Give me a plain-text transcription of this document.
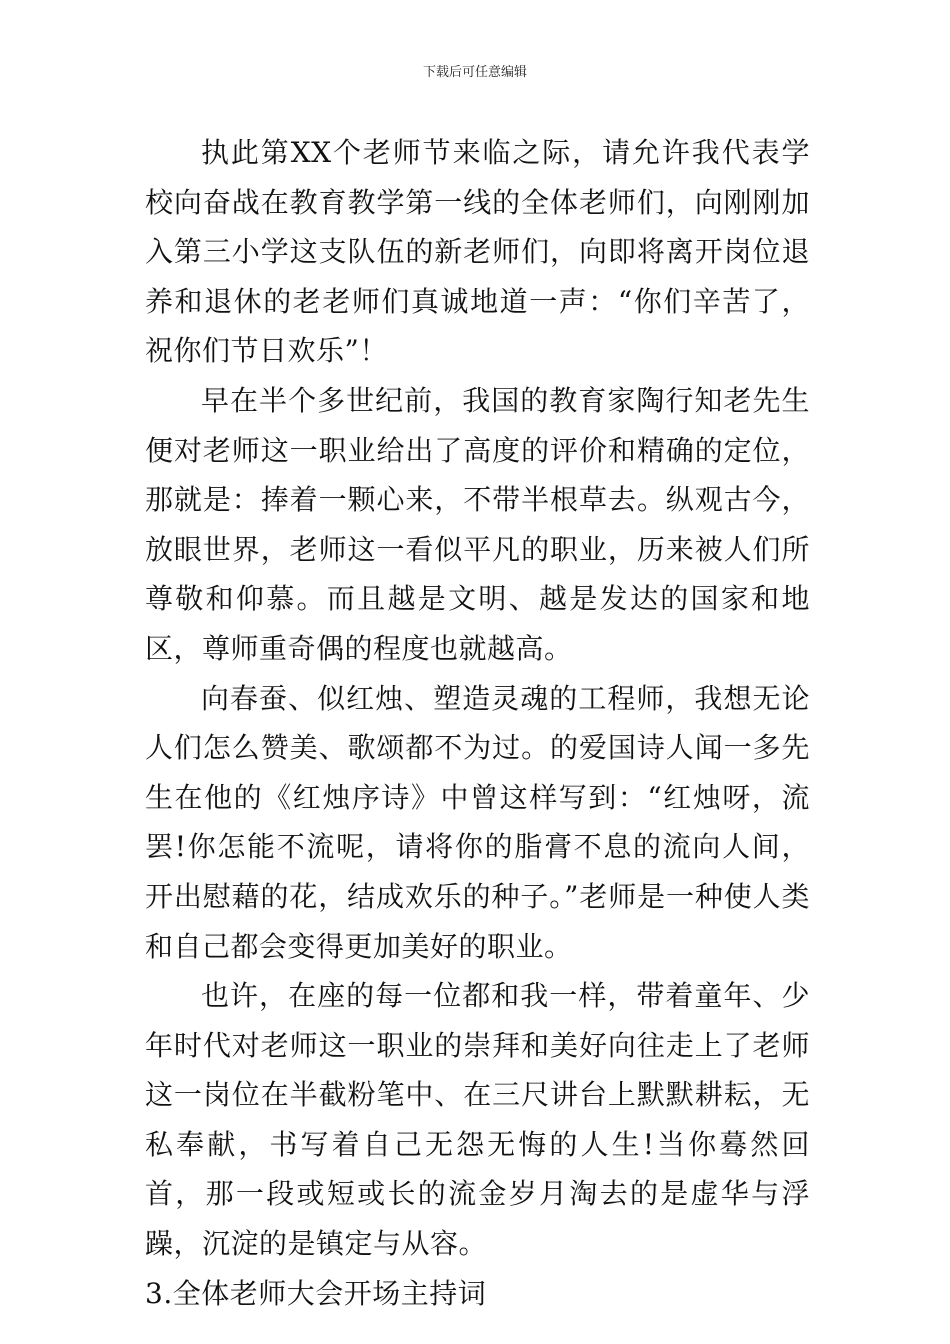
下载后可任意编辑

执此第XX个老师节来临之际，请允许我代表学校向奋战在教育教学第一线的全体老师们，向刚刚加入第三小学这支队伍的新老师们，向即将离开岗位退养和退休的老老师们真诚地道一声：“你们辛苦了，祝你们节日欢乐”！

早在半个多世纪前，我国的教育家陶行知老先生便对老师这一职业给出了高度的评价和精确的定位，那就是：捧着一颗心来，不带半根草去。纵观古今，放眼世界，老师这一看似平凡的职业，历来被人们所尊敬和仰慕。而且越是文明、越是发达的国家和地区，尊师重奇偶的程度也就越高。

向春蚕、似红烛、塑造灵魂的工程师，我想无论人们怎么赞美、歌颂都不为过。的爱国诗人闻一多先生在他的《红烛序诗》中曾这样写到：“红烛呀，流罢!你怎能不流呢，请将你的脂膏不息的流向人间，开出慰藉的花，结成欢乐的种子。”老师是一种使人类和自己都会变得更加美好的职业。

也许，在座的每一位都和我一样，带着童年、少年时代对老师这一职业的崇拜和美好向往走上了老师这一岗位在半截粉笔中、在三尺讲台上默默耕耘，无私奉献，书写着自己无怨无悔的人生!当你蓦然回首，那一段或短或长的流金岁月淘去的是虚华与浮躁，沉淀的是镇定与从容。

3.全体老师大会开场主持词
